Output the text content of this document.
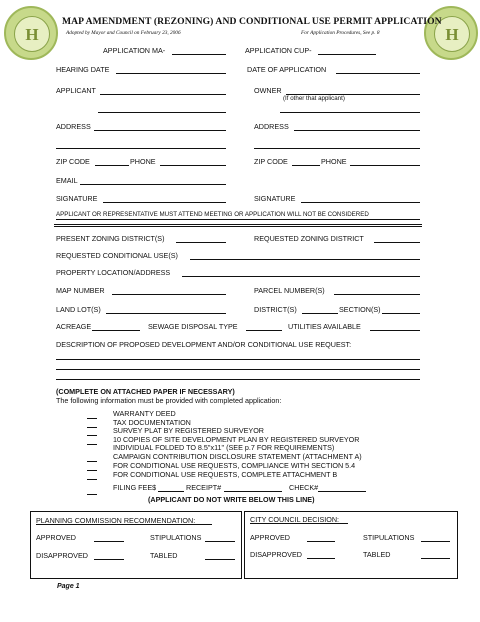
H	H
MAP AMENDMENT (REZONING) AND CONDITIONAL USE PERMIT APPLICATION
Adopted by Mayor and Council on February 23, 2006	For Application Procedures, See p. 8
APPLICATION MA-	APPLICATION CUP-
HEARING DATE	DATE OF APPLICATION
APPLICANT	OWNER
(If other that applicant)
ADDRESS	ADDRESS
ZIP CODE	PHONE	ZIP CODE	PHONE
EMAIL
SIGNATURE	SIGNATURE
APPLICANT OR REPRESENTATIVE MUST ATTEND MEETING OR APPLICATION WILL NOT BE CONSIDERED
PRESENT ZONING DISTRICT(S)	REQUESTED ZONING DISTRICT
REQUESTED CONDITIONAL USE(S)
PROPERTY LOCATION/ADDRESS
MAP NUMBER	PARCEL NUMBER(S)
LAND LOT(S)	DISTRICT(S)	SECTION(S)
ACREAGE	SEWAGE DISPOSAL TYPE	UTILITIES AVAILABLE
DESCRIPTION OF PROPOSED DEVELOPMENT AND/OR CONDITIONAL USE REQUEST:
(COMPLETE ON ATTACHED PAPER IF NECESSARY)
The following information must be provided with completed application:
WARRANTY DEED
TAX DOCUMENTATION
SURVEY PLAT BY REGISTERED SURVEYOR
10 COPIES OF SITE DEVELOPMENT PLAN BY REGISTERED SURVEYOR
INDIVIDUAL FOLDED TO 8.5"x11" (SEE p.7 FOR REQUIREMENTS)
CAMPAIGN CONTRIBUTION DISCLOSURE STATEMENT (ATTACHMENT A)
FOR CONDITIONAL USE REQUESTS, COMPLIANCE WITH SECTION 5.4
FOR CONDITIONAL USE REQUESTS, COMPLETE ATTACHMENT B
FILING FEE$	RECEIPT#	CHECK#
(APPLICANT DO NOT WRITE BELOW THIS LINE)
PLANNING COMMISSION RECOMMENDATION:
APPROVED	STIPULATIONS
DISAPPROVED	TABLED
CITY COUNCIL DECISION:
APPROVED	STIPULATIONS
DISAPPROVED	TABLED
Page 1
